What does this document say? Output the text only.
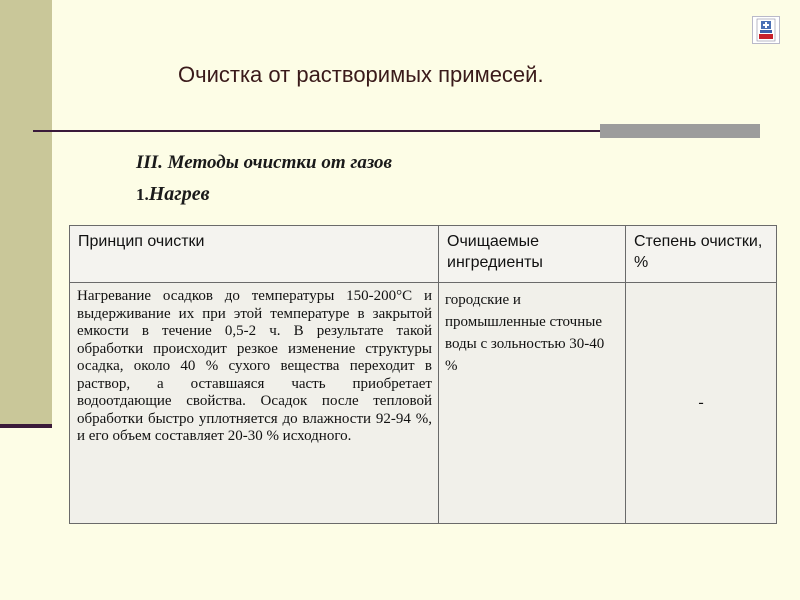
Очистка от растворимых примесей.
III. Методы очистки от газов
1.Нагрев
Принцип очистки	Очищаемые ингредиенты	Степень очистки, %
Нагревание осадков до температуры 150-200°С и выдерживание их при этой температуре в закрытой емкости в течение 0,5-2 ч. В результате такой обработки происходит резкое изменение структуры осадка, около 40 % сухого вещества переходит в раствор, а оставшаяся часть приобретает водоотдающие свойства. Осадок после тепловой обработки быстро уплотняется до влажности 92-94 %, и его объем составляет 20-30 % исходного.	городские и промышленные сточные воды с зольностью 30-40 %	-
